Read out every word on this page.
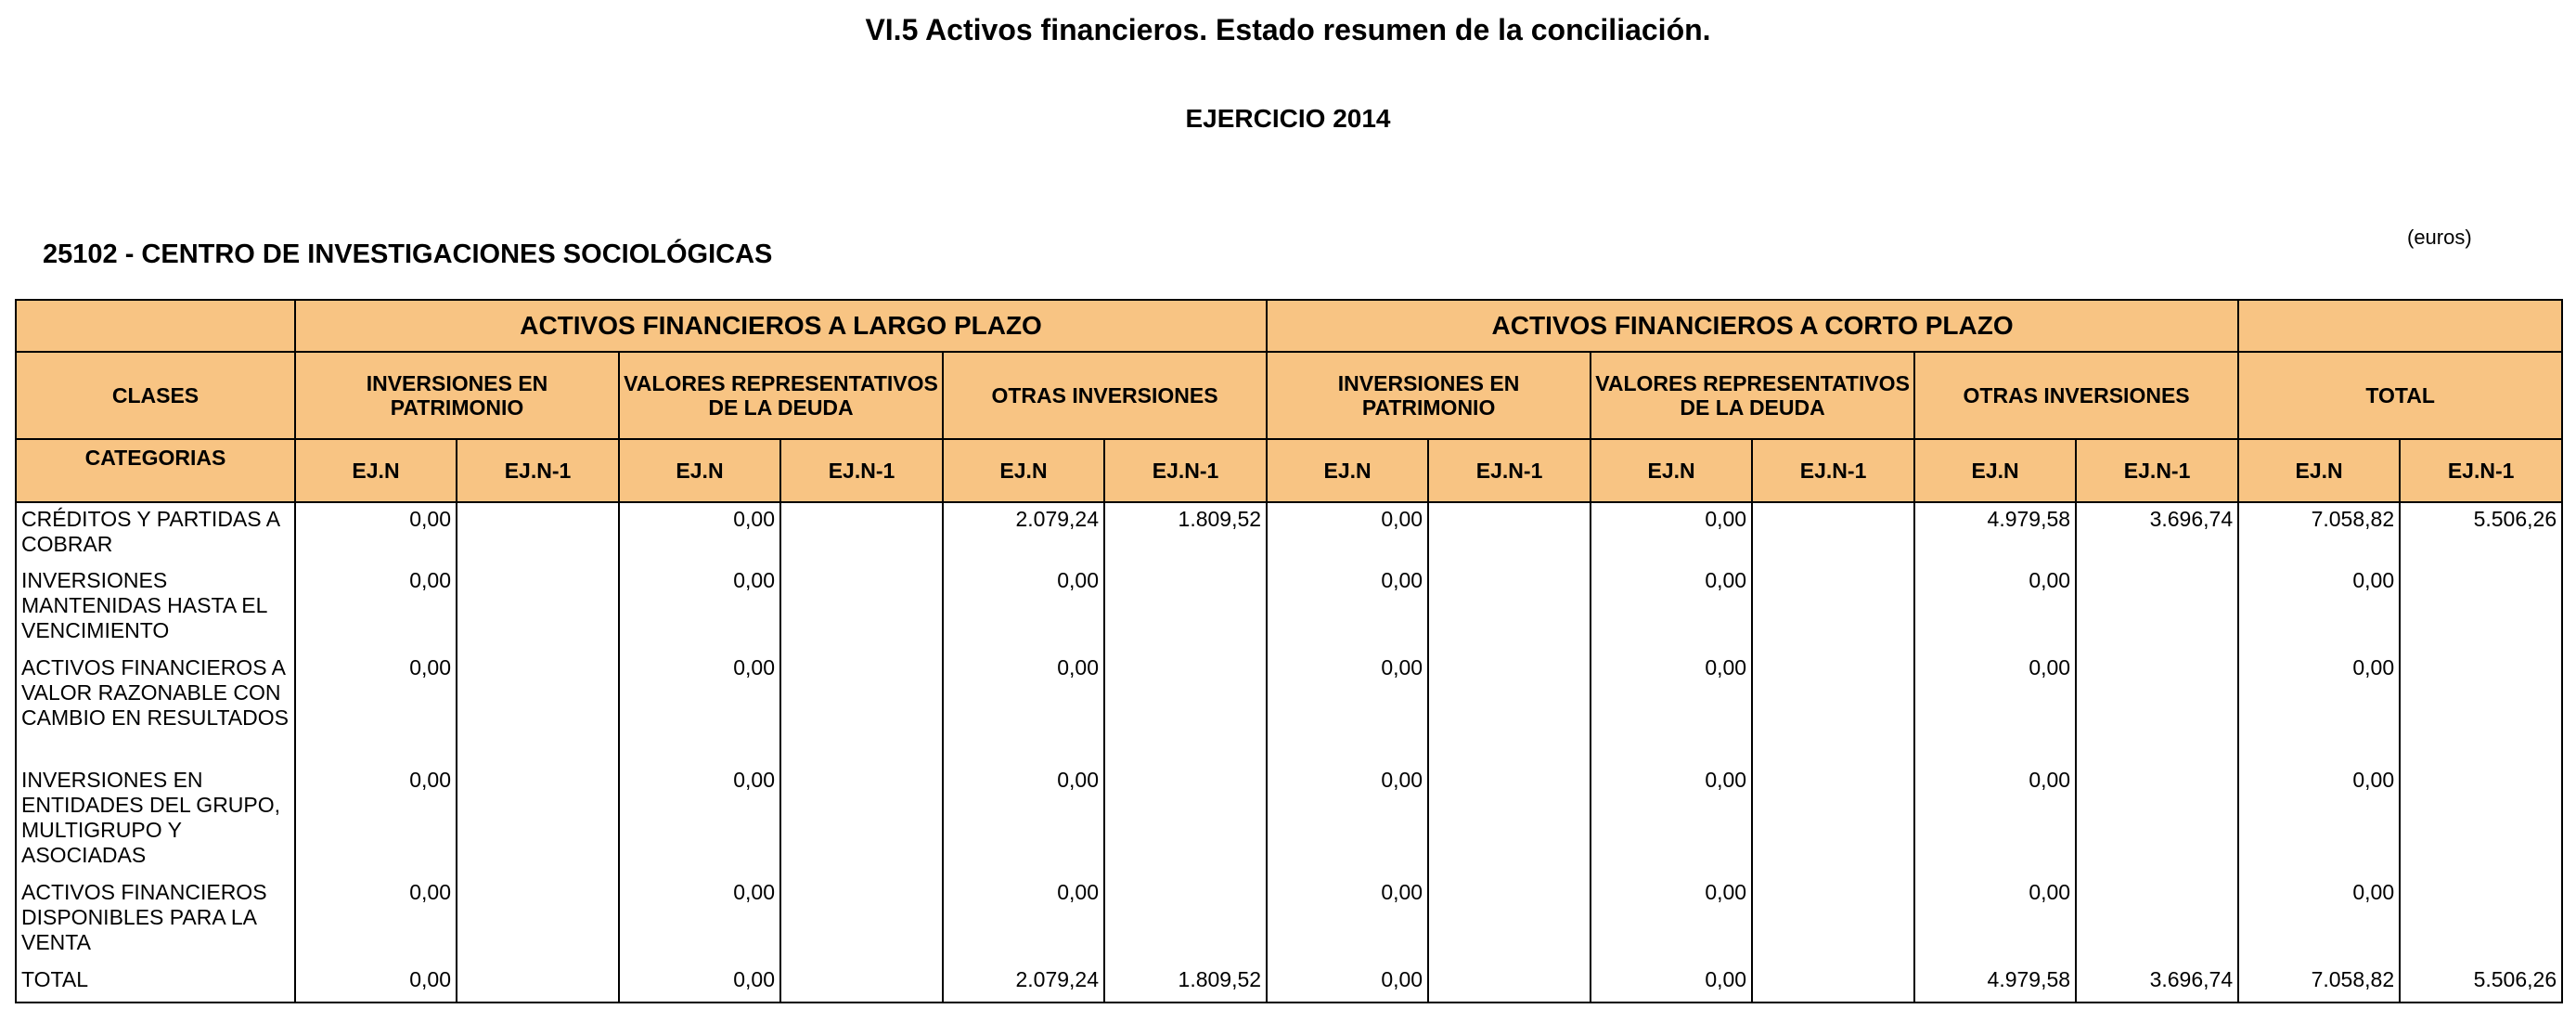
VI.5 Activos financieros. Estado resumen de la conciliación.
EJERCICIO 2014
25102 - CENTRO DE INVESTIGACIONES SOCIOLÓGICAS
(euros)
	ACTIVOS FINANCIEROS A LARGO PLAZO						ACTIVOS FINANCIEROS A CORTO PLAZO							
CLASES	INVERSIONES EN PATRIMONIO		VALORES REPRESENTATIVOS DE LA DEUDA		OTRAS INVERSIONES		INVERSIONES EN PATRIMONIO		VALORES REPRESENTATIVOS DE LA DEUDA		OTRAS INVERSIONES		TOTAL	
CATEGORIAS	EJ.N	EJ.N-1	EJ.N	EJ.N-1	EJ.N	EJ.N-1	EJ.N	EJ.N-1	EJ.N	EJ.N-1	EJ.N	EJ.N-1	EJ.N	EJ.N-1
CRÉDITOS Y PARTIDAS A COBRAR	0,00		0,00		2.079,24	1.809,52	0,00		0,00		4.979,58	3.696,74	7.058,82	5.506,26
INVERSIONES MANTENIDAS HASTA EL VENCIMIENTO	0,00		0,00		0,00		0,00		0,00		0,00		0,00	
ACTIVOS FINANCIEROS A VALOR RAZONABLE CON CAMBIO EN RESULTADOS	0,00		0,00		0,00		0,00		0,00		0,00		0,00	
INVERSIONES EN ENTIDADES DEL GRUPO, MULTIGRUPO Y ASOCIADAS	0,00		0,00		0,00		0,00		0,00		0,00		0,00	
ACTIVOS FINANCIEROS DISPONIBLES PARA LA VENTA	0,00		0,00		0,00		0,00		0,00		0,00		0,00	
TOTAL	0,00		0,00		2.079,24	1.809,52	0,00		0,00		4.979,58	3.696,74	7.058,82	5.506,26
